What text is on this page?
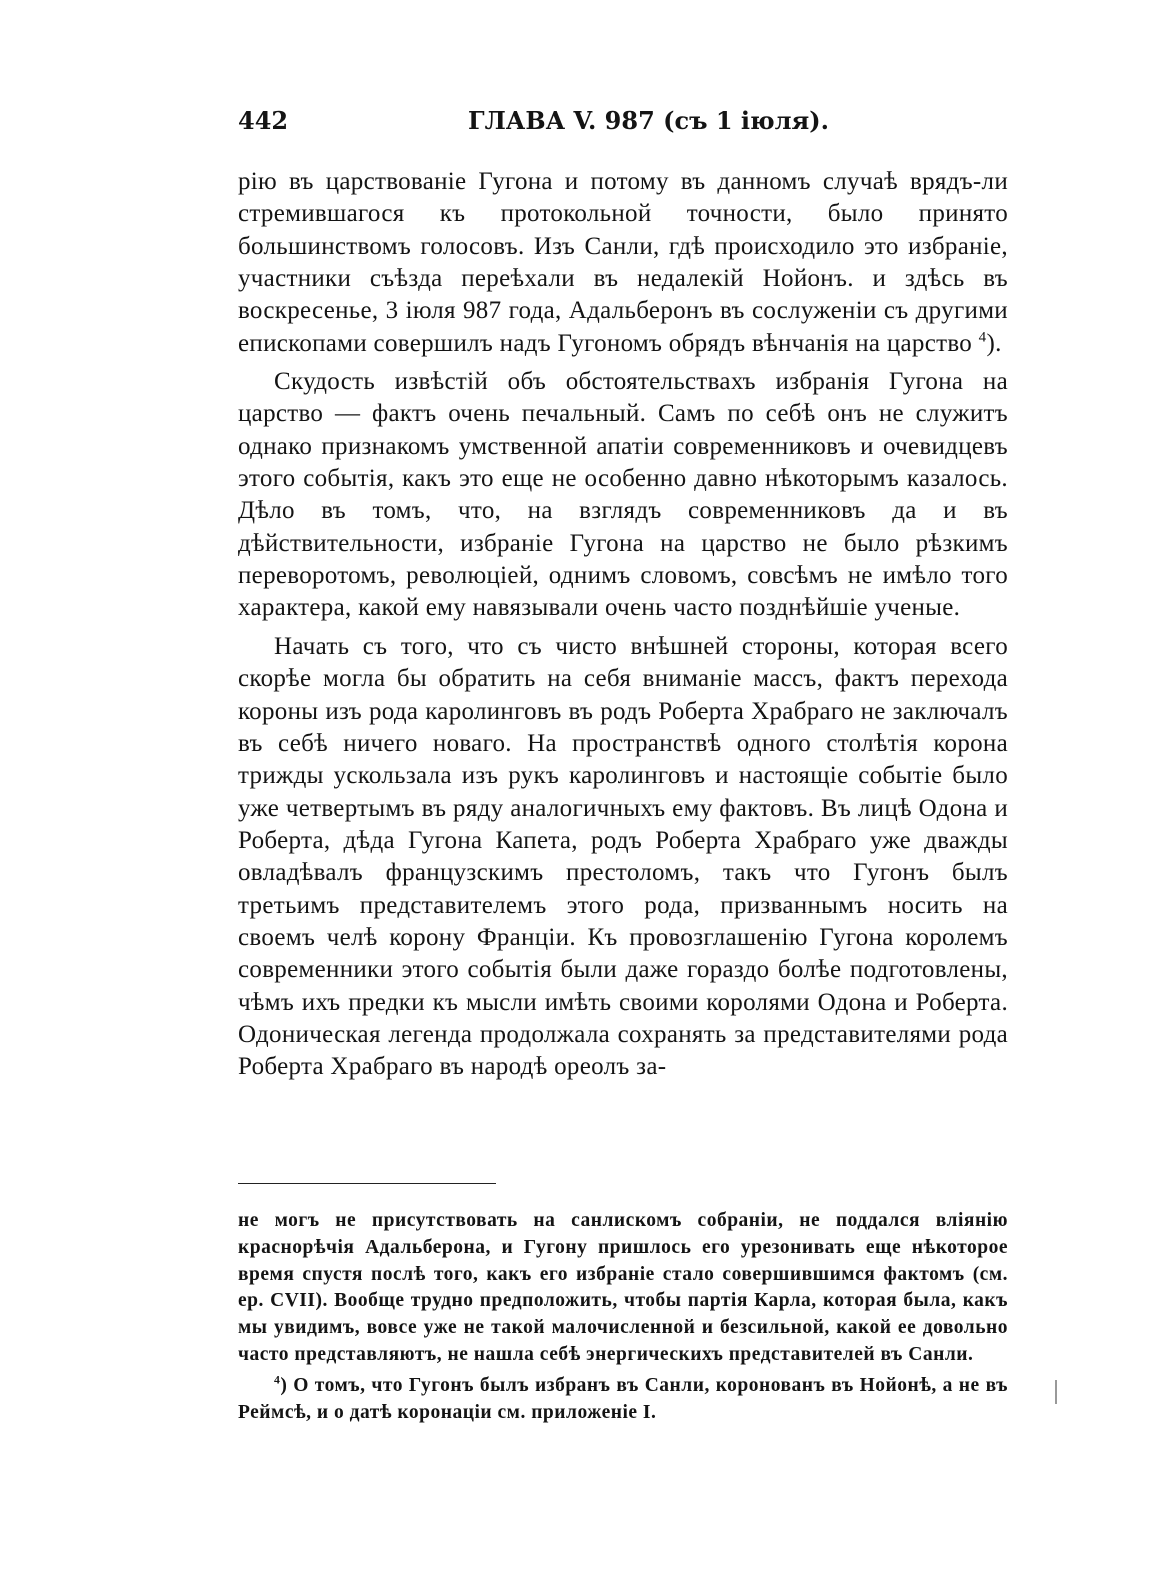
442	ГЛАВА V. 987 (съ 1 іюля).

рію въ царствованіе Гугона и потому въ данномъ случаѣ врядъ-ли стремившагося къ протокольной точности, было принято большинствомъ голосовъ. Изъ Санли, гдѣ происходило это избраніе, участники съѣзда переѣхали въ недалекій Нойонъ. и здѣсь въ воскресенье, 3 іюля 987 года, Адальберонъ въ сослуженіи съ другими епископами совершилъ надъ Гугономъ обрядъ вѣнчанія на царство $^4$).

Скудость извѣстій объ обстоятельствахъ избранія Гугона на царство — фактъ очень печальный. Самъ по себѣ онъ не служитъ однако признакомъ умственной апатіи современниковъ и очевидцевъ этого событія, какъ это еще не особенно давно нѣкоторымъ казалось. Дѣло въ томъ, что, на взглядъ современниковъ да и въ дѣйствительности, избраніе Гугона на царство не было рѣзкимъ переворотомъ, революціей, однимъ словомъ, совсѣмъ не имѣло того характера, какой ему навязывали очень часто позднѣйшіе ученые.

Начать съ того, что съ чисто внѣшней стороны, которая всего скорѣе могла бы обратить на себя вниманіе массъ, фактъ перехода короны изъ рода каролинговъ въ родъ Роберта Храбраго не заключалъ въ себѣ ничего новаго. На пространствѣ одного столѣтія корона трижды ускользала изъ рукъ каролинговъ и настоящіе событіе было уже четвертымъ въ ряду аналогичныхъ ему фактовъ. Въ лицѣ Одона и Роберта, дѣда Гугона Капета, родъ Роберта Храбраго уже дважды овладѣвалъ французскимъ престоломъ, такъ что Гугонъ былъ третьимъ представителемъ этого рода, призваннымъ носить на своемъ челѣ корону Франціи. Къ провозглашенію Гугона королемъ современники этого событія были даже гораздо болѣе подготовлены, чѣмъ ихъ предки къ мысли имѣть своими королями Одона и Роберта. Одоническая легенда продолжала сохранять за представителями рода Роберта Храбраго въ народѣ ореолъ за-

не могъ не присутствовать на санлискомъ собраніи, не поддался вліянію краснорѣчія Адальберона, и Гугону пришлось его урезонивать еще нѣкоторое время спустя послѣ того, какъ его избраніе стало совершившимся фактомъ (см. ер. CVII). Вообще трудно предположить, чтобы партія Карла, которая была, какъ мы увидимъ, вовсе уже не такой малочисленной и безсильной, какой ее довольно часто представляютъ, не нашла себѣ энергическихъ представителей въ Санли.

$^4$) О томъ, что Гугонъ былъ избранъ въ Санли, коронованъ въ Нойонѣ, а не въ Реймсѣ, и о датѣ коронаціи см. приложеніе I.
